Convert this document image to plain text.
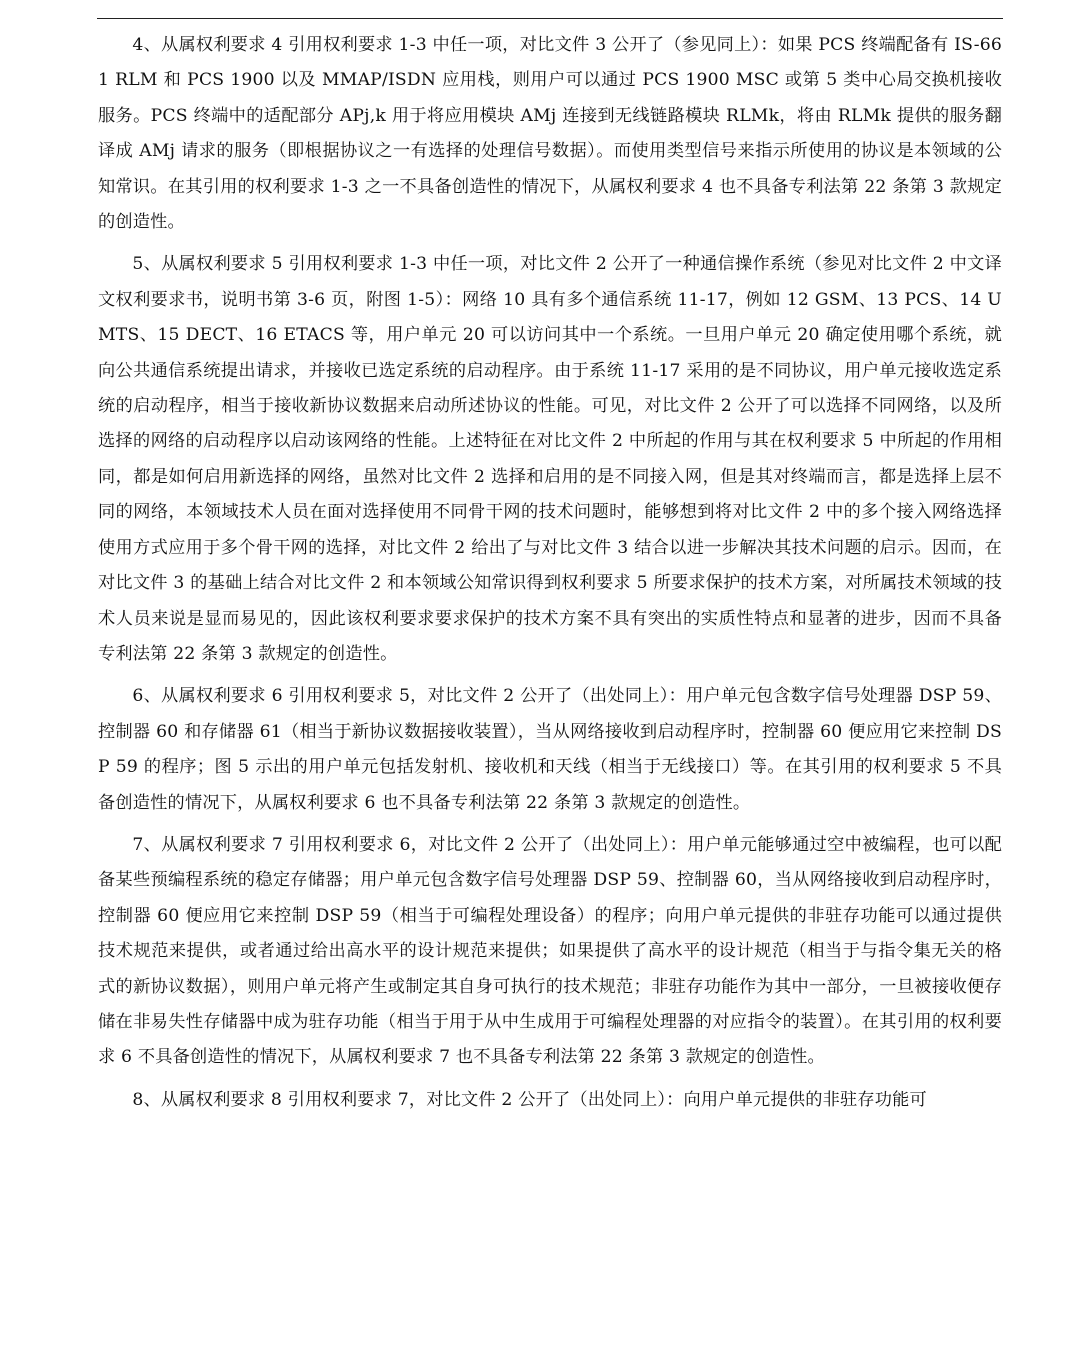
4、从属权利要求 4 引用权利要求 1-3 中任一项，对比文件 3 公开了（参见同上）：如果 PCS 终端配备有 IS-661 RLM 和 PCS 1900 以及 MMAP/ISDN 应用栈，则用户可以通过 PCS 1900 MSC 或第 5 类中心局交换机接收服务。PCS 终端中的适配部分 APj,k 用于将应用模块 AMj 连接到无线链路模块 RLMk，将由 RLMk 提供的服务翻译成 AMj 请求的服务（即根据协议之一有选择的处理信号数据）。而使用类型信号来指示所使用的协议是本领域的公知常识。在其引用的权利要求 1-3 之一不具备创造性的情况下，从属权利要求 4 也不具备专利法第 22 条第 3 款规定的创造性。

5、从属权利要求 5 引用权利要求 1-3 中任一项，对比文件 2 公开了一种通信操作系统（参见对比文件 2 中文译文权利要求书，说明书第 3-6 页，附图 1-5）：网络 10 具有多个通信系统 11-17，例如 12 GSM、13 PCS、14 UMTS、15 DECT、16 ETACS 等，用户单元 20 可以访问其中一个系统。一旦用户单元 20 确定使用哪个系统，就向公共通信系统提出请求，并接收已选定系统的启动程序。由于系统 11-17 采用的是不同协议，用户单元接收选定系统的启动程序，相当于接收新协议数据来启动所述协议的性能。可见，对比文件 2 公开了可以选择不同网络，以及所选择的网络的启动程序以启动该网络的性能。上述特征在对比文件 2 中所起的作用与其在权利要求 5 中所起的作用相同，都是如何启用新选择的网络，虽然对比文件 2 选择和启用的是不同接入网，但是其对终端而言，都是选择上层不同的网络，本领域技术人员在面对选择使用不同骨干网的技术问题时，能够想到将对比文件 2 中的多个接入网络选择使用方式应用于多个骨干网的选择，对比文件 2 给出了与对比文件 3 结合以进一步解决其技术问题的启示。因而，在对比文件 3 的基础上结合对比文件 2 和本领域公知常识得到权利要求 5 所要求保护的技术方案，对所属技术领域的技术人员来说是显而易见的，因此该权利要求要求保护的技术方案不具有突出的实质性特点和显著的进步，因而不具备专利法第 22 条第 3 款规定的创造性。

6、从属权利要求 6 引用权利要求 5，对比文件 2 公开了（出处同上）：用户单元包含数字信号处理器 DSP 59、控制器 60 和存储器 61（相当于新协议数据接收装置），当从网络接收到启动程序时，控制器 60 便应用它来控制 DSP 59 的程序；图 5 示出的用户单元包括发射机、接收机和天线（相当于无线接口）等。在其引用的权利要求 5 不具备创造性的情况下，从属权利要求 6 也不具备专利法第 22 条第 3 款规定的创造性。

7、从属权利要求 7 引用权利要求 6，对比文件 2 公开了（出处同上）：用户单元能够通过空中被编程，也可以配备某些预编程系统的稳定存储器；用户单元包含数字信号处理器 DSP 59、控制器 60，当从网络接收到启动程序时，控制器 60 便应用它来控制 DSP 59（相当于可编程处理设备）的程序；向用户单元提供的非驻存功能可以通过提供技术规范来提供，或者通过给出高水平的设计规范来提供；如果提供了高水平的设计规范（相当于与指令集无关的格式的新协议数据），则用户单元将产生或制定其自身可执行的技术规范；非驻存功能作为其中一部分，一旦被接收便存储在非易失性存储器中成为驻存功能（相当于用于从中生成用于可编程处理器的对应指令的装置）。在其引用的权利要求 6 不具备创造性的情况下，从属权利要求 7 也不具备专利法第 22 条第 3 款规定的创造性。

8、从属权利要求 8 引用权利要求 7，对比文件 2 公开了（出处同上）：向用户单元提供的非驻存功能可
